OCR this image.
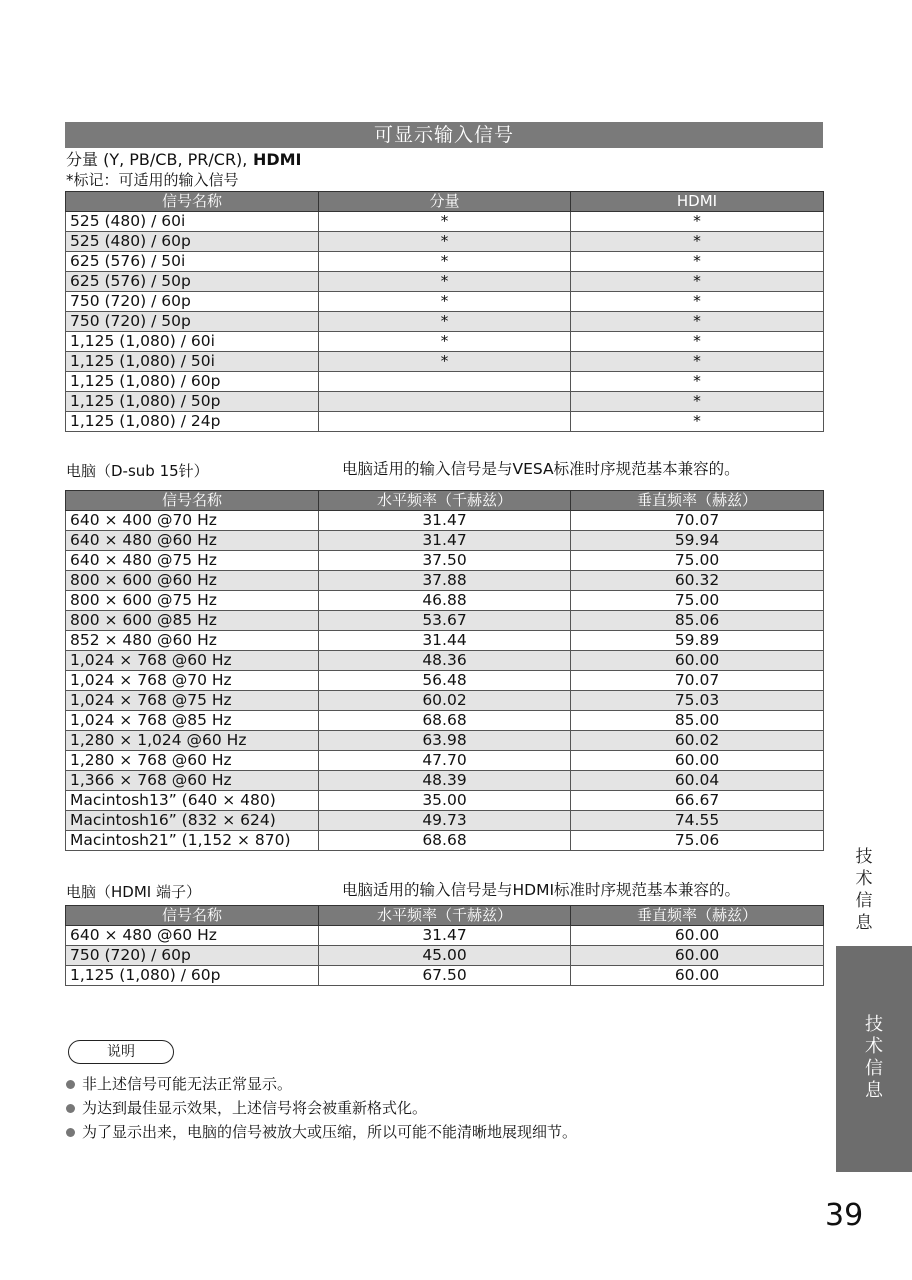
可显示输入信号
分量 (Y, PB/CB, PR/CR), HDMI
*标记：可适用的输入信号
信号名称	分量	HDMI
525 (480) / 60i	*	*
525 (480) / 60p	*	*
625 (576) / 50i	*	*
625 (576) / 50p	*	*
750 (720) / 60p	*	*
750 (720) / 50p	*	*
1,125 (1,080) / 60i	*	*
1,125 (1,080) / 50i	*	*
1,125 (1,080) / 60p		*
1,125 (1,080) / 50p		*
1,125 (1,080) / 24p		*
电脑（D-sub 15针）	电脑适用的输入信号是与VESA标准时序规范基本兼容的。
信号名称	水平频率（千赫兹）	垂直频率（赫兹）
640 × 400 @70 Hz	31.47	70.07
640 × 480 @60 Hz	31.47	59.94
640 × 480 @75 Hz	37.50	75.00
800 × 600 @60 Hz	37.88	60.32
800 × 600 @75 Hz	46.88	75.00
800 × 600 @85 Hz	53.67	85.06
852 × 480 @60 Hz	31.44	59.89
1,024 × 768 @60 Hz	48.36	60.00
1,024 × 768 @70 Hz	56.48	70.07
1,024 × 768 @75 Hz	60.02	75.03
1,024 × 768 @85 Hz	68.68	85.00
1,280 × 1,024 @60 Hz	63.98	60.02
1,280 × 768 @60 Hz	47.70	60.00
1,366 × 768 @60 Hz	48.39	60.04
Macintosh13” (640 × 480)	35.00	66.67
Macintosh16” (832 × 624)	49.73	74.55
Macintosh21” (1,152 × 870)	68.68	75.06
电脑（HDMI 端子）	电脑适用的输入信号是与HDMI标准时序规范基本兼容的。
信号名称	水平频率（千赫兹）	垂直频率（赫兹）
640 × 480 @60 Hz	31.47	60.00
750 (720) / 60p	45.00	60.00
1,125 (1,080) / 60p	67.50	60.00
说明
非上述信号可能无法正常显示。
为达到最佳显示效果，上述信号将会被重新格式化。
为了显示出来，电脑的信号被放大或压缩，所以可能不能清晰地展现细节。
技术信息
技术信息
39
